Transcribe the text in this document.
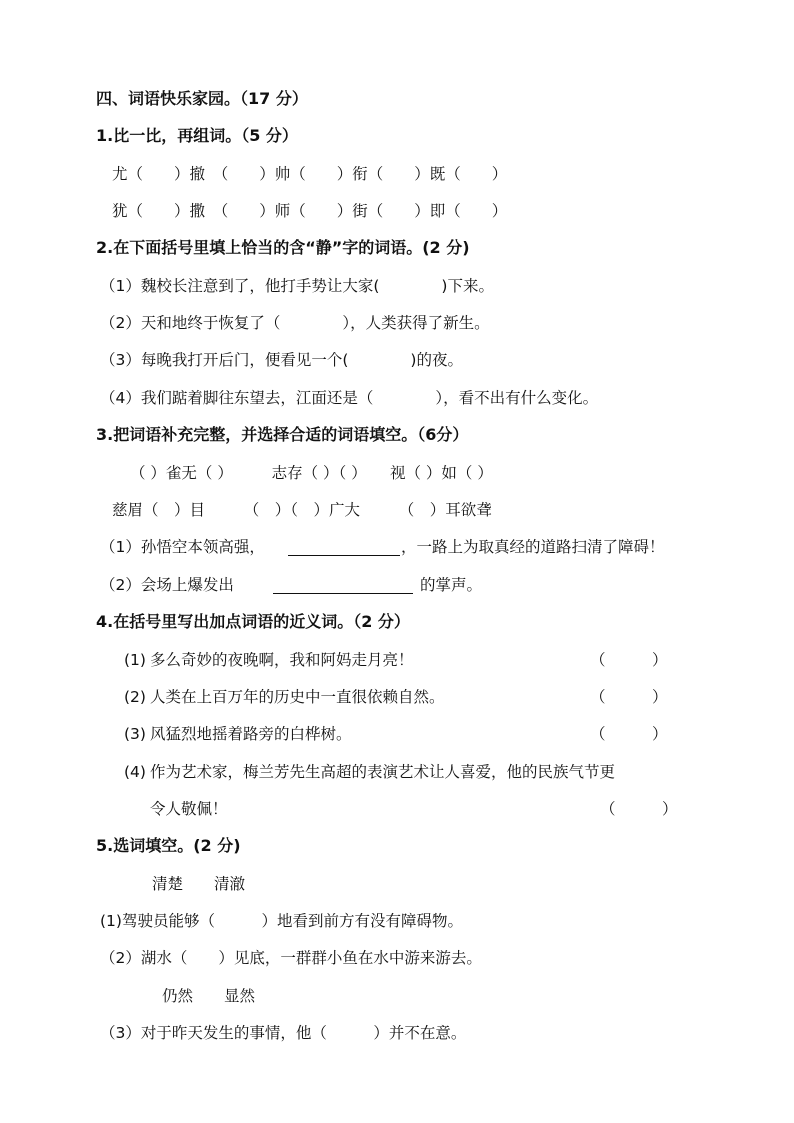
四、词语快乐家园。（17 分）
1.比一比，再组词。（5 分）
尤（　　）撤　（　　）帅（　　）衔（　　）既（　　）
犹（　　）撒　（　　）师（　　）街（　　）即（　　）
2.在下面括号里填上恰当的含“静”字的词语。(2 分)
（1）魏校长注意到了，他打手势让大家(　　　　)下来。
（2）天和地终于恢复了（　　　　），人类获得了新生。
（3）每晚我打开后门，便看见一个(　　　　)的夜。
（4）我们踮着脚往东望去，江面还是（　　　　），看不出有什么变化。
3.把词语补充完整，并选择合适的词语填空。（6分）
（ ）雀无（ ）　　　志存（ ）（ ）　　视（ ）如（ ）
慈眉（　）目　　　（　）（　）广大　　　（　）耳欲聋
（1）孙悟空本领高强，	，一路上为取真经的道路扫清了障碍！
（2）会场上爆发出	的掌声。
4.在括号里写出加点词语的近义词。（2 分）
(1) 多么奇妙的夜晚啊，我和阿妈走月亮！	（　　　）
(2) 人类在上百万年的历史中一直很依赖自然。	（　　　）
(3) 风猛烈地摇着路旁的白桦树。	（　　　）
(4) 作为艺术家，梅兰芳先生高超的表演艺术让人喜爱，他的民族气节更
令人敬佩！	（　　　）
5.选词填空。(2 分)
清楚　　清澈
(1)驾驶员能够（　　　）地看到前方有没有障碍物。
（2）湖水（　　）见底，一群群小鱼在水中游来游去。
仍然　　显然
（3）对于昨天发生的事情，他（　　　）并不在意。
